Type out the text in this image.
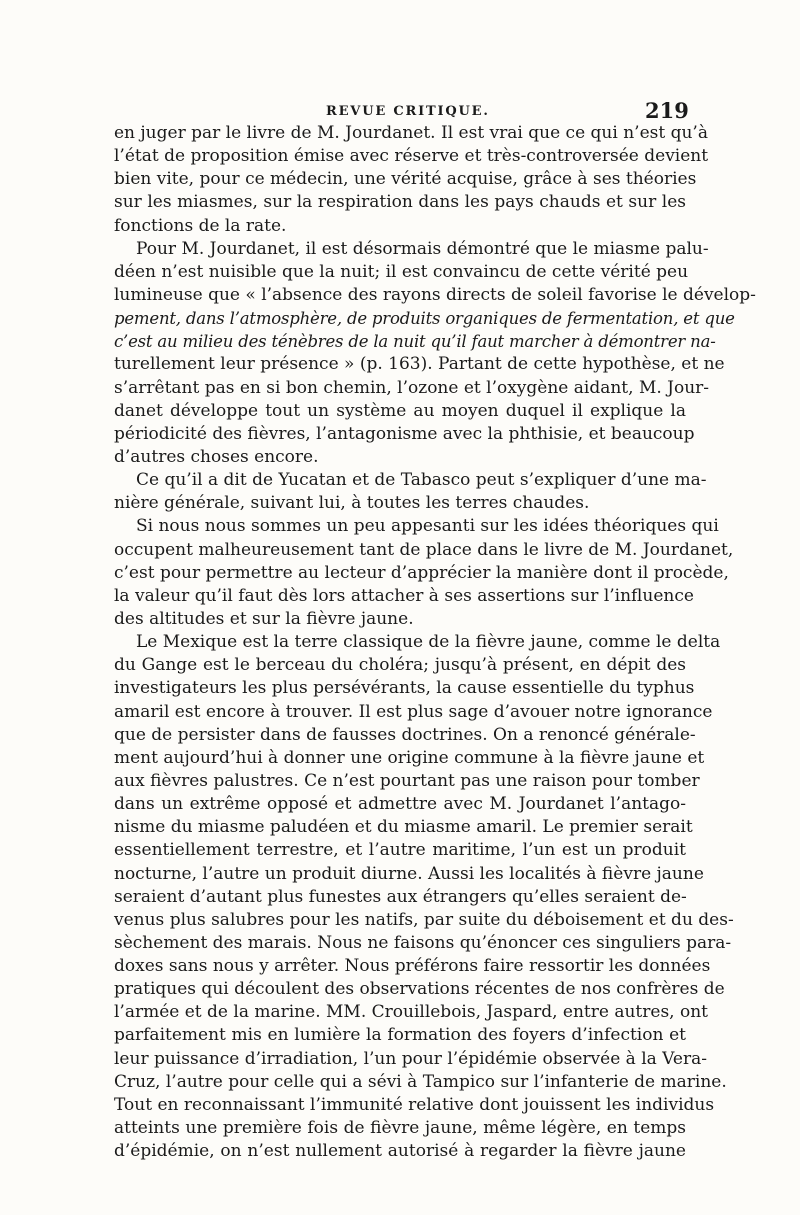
REVUE CRITIQUE.	219
en juger par le livre de M. Jourdanet. Il est vrai que ce qui n’est qu’à
l’état de proposition émise avec réserve et très-controversée devient
bien vite, pour ce médecin, une vérité acquise, grâce à ses théories
sur les miasmes, sur la respiration dans les pays chauds et sur les
fonctions de la rate.
Pour M. Jourdanet, il est désormais démontré que le miasme palu-
déen n’est nuisible que la nuit; il est convaincu de cette vérité peu
lumineuse que « l’absence des rayons directs de soleil favorise le dévelop-
pement, dans l’atmosphère, de produits organiques de fermentation, et que
c’est au milieu des ténèbres de la nuit qu’il faut marcher à démontrer na-
turellement leur présence » (p. 163). Partant de cette hypothèse, et ne
s’arrêtant pas en si bon chemin, l’ozone et l’oxygène aidant, M. Jour-
danet développe tout un système au moyen duquel il explique la
périodicité des fièvres, l’antagonisme avec la phthisie, et beaucoup
d’autres choses encore.
Ce qu’il a dit de Yucatan et de Tabasco peut s’expliquer d’une ma-
nière générale, suivant lui, à toutes les terres chaudes.
Si nous nous sommes un peu appesanti sur les idées théoriques qui
occupent malheureusement tant de place dans le livre de M. Jourdanet,
c’est pour permettre au lecteur d’apprécier la manière dont il procède,
la valeur qu’il faut dès lors attacher à ses assertions sur l’influence
des altitudes et sur la fièvre jaune.
Le Mexique est la terre classique de la fièvre jaune, comme le delta
du Gange est le berceau du choléra; jusqu’à présent, en dépit des
investigateurs les plus persévérants, la cause essentielle du typhus
amaril est encore à trouver. Il est plus sage d’avouer notre ignorance
que de persister dans de fausses doctrines. On a renoncé générale-
ment aujourd’hui à donner une origine commune à la fièvre jaune et
aux fièvres palustres. Ce n’est pourtant pas une raison pour tomber
dans un extrême opposé et admettre avec M. Jourdanet l’antago-
nisme du miasme paludéen et du miasme amaril. Le premier serait
essentiellement terrestre, et l’autre maritime, l’un est un produit
nocturne, l’autre un produit diurne. Aussi les localités à fièvre jaune
seraient d’autant plus funestes aux étrangers qu’elles seraient de-
venus plus salubres pour les natifs, par suite du déboisement et du des-
sèchement des marais. Nous ne faisons qu’énoncer ces singuliers para-
doxes sans nous y arrêter. Nous préférons faire ressortir les données
pratiques qui découlent des observations récentes de nos confrères de
l’armée et de la marine. MM. Crouillebois, Jaspard, entre autres, ont
parfaitement mis en lumière la formation des foyers d’infection et
leur puissance d’irradiation, l’un pour l’épidémie observée à la Vera-
Cruz, l’autre pour celle qui a sévi à Tampico sur l’infanterie de marine.
Tout en reconnaissant l’immunité relative dont jouissent les individus
atteints une première fois de fièvre jaune, même légère, en temps
d’épidémie, on n’est nullement autorisé à regarder la fièvre jaune
